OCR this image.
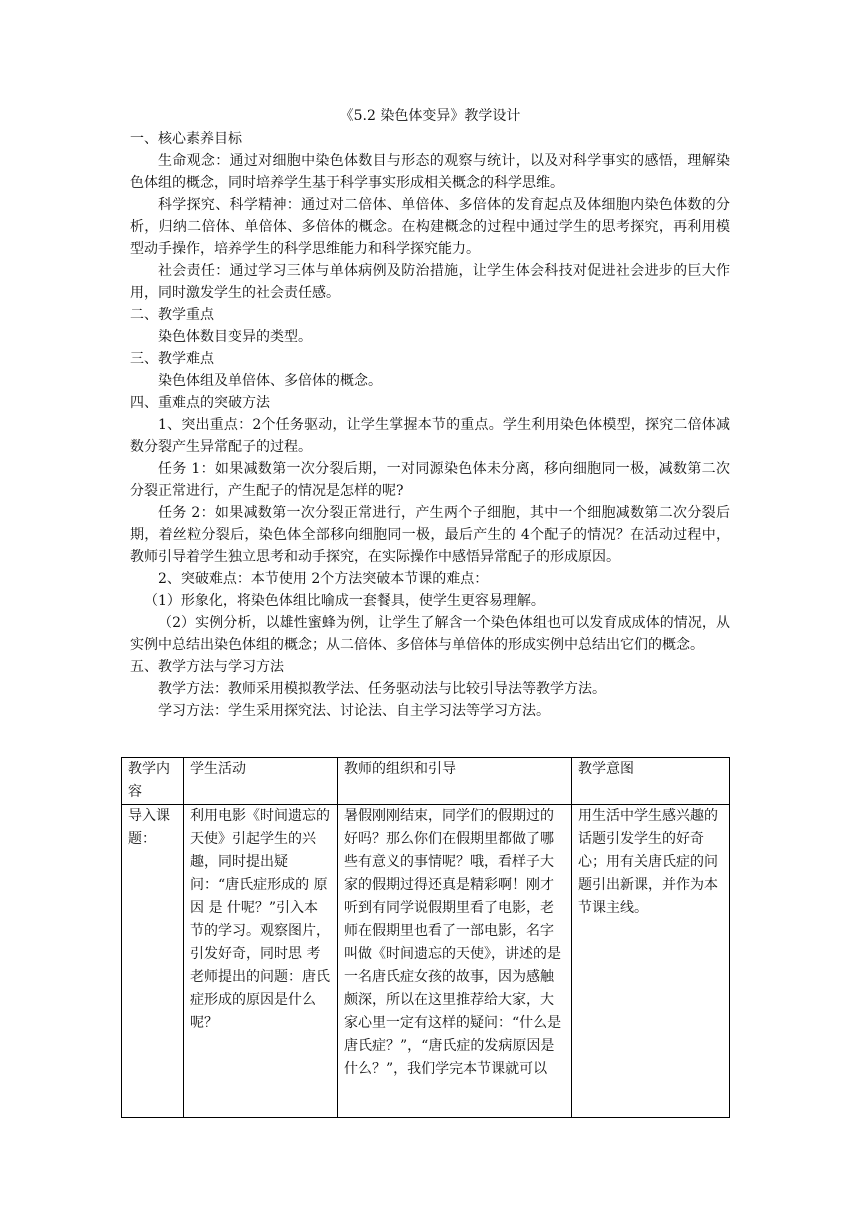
《5.2 染色体变异》教学设计

一、核心素养目标

生命观念：通过对细胞中染色体数目与形态的观察与统计，以及对科学事实的感悟，理解染色体组的概念，同时培养学生基于科学事实形成相关概念的科学思维。

科学探究、科学精神：通过对二倍体、单倍体、多倍体的发育起点及体细胞内染色体数的分析，归纳二倍体、单倍体、多倍体的概念。在构建概念的过程中通过学生的思考探究，再利用模型动手操作，培养学生的科学思维能力和科学探究能力。

社会责任：通过学习三体与单体病例及防治措施，让学生体会科技对促进社会进步的巨大作用，同时激发学生的社会责任感。

二、教学重点

染色体数目变异的类型。

三、教学难点

染色体组及单倍体、多倍体的概念。

四、重难点的突破方法

1、突出重点：2个任务驱动，让学生掌握本节的重点。学生利用染色体模型，探究二倍体减数分裂产生异常配子的过程。

任务 1：如果减数第一次分裂后期，一对同源染色体未分离，移向细胞同一极，减数第二次分裂正常进行，产生配子的情况是怎样的呢?

任务 2：如果减数第一次分裂正常进行，产生两个子细胞，其中一个细胞减数第二次分裂后期，着丝粒分裂后，染色体全部移向细胞同一极，最后产生的 4个配子的情况？在活动过程中，教师引导着学生独立思考和动手探究，在实际操作中感悟异常配子的形成原因。

2、突破难点：本节使用 2个方法突破本节课的难点：

（1）形象化，将染色体组比喻成一套餐具，使学生更容易理解。

（2）实例分析，以雄性蜜蜂为例，让学生了解含一个染色体组也可以发育成成体的情况，从实例中总结出染色体组的概念；从二倍体、多倍体与单倍体的形成实例中总结出它们的概念。

五、教学方法与学习方法

教学方法：教师采用模拟教学法、任务驱动法与比较引导法等教学方法。

学习方法：学生采用探究法、讨论法、自主学习法等学习方法。

教学内容	学生活动	教师的组织和引导	教学意图
导入课题：	利用电影《时间遗忘的天使》引起学生的兴趣，同时提出疑问：“唐氏症形成的 原 因 是 什呢？”引入本节的学习。观察图片，引发好奇，同时思 考 老师提出的问题：唐氏症形成的原因是什么呢？	暑假刚刚结束，同学们的假期过的好吗？那么你们在假期里都做了哪些有意义的事情呢？哦，看样子大家的假期过得还真是精彩啊！刚才听到有同学说假期里看了电影，老师在假期里也看了一部电影，名字叫做《时间遗忘的天使》，讲述的是一名唐氏症女孩的故事，因为感触颇深，所以在这里推荐给大家，大家心里一定有这样的疑问：“什么是唐氏症？”，“唐氏症的发病原因是什么？”，我们学完本节课就可以	用生活中学生感兴趣的话题引发学生的好奇心；用有关唐氏症的问题引出新课，并作为本节课主线。
